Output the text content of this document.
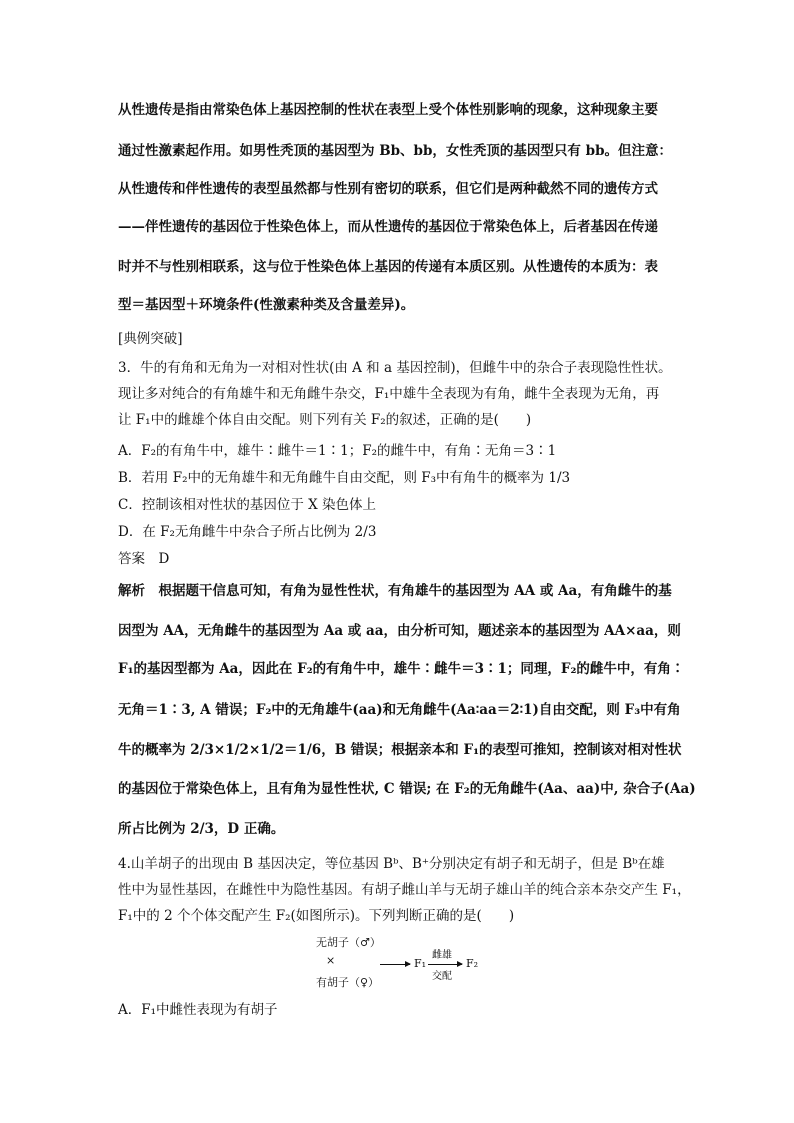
从性遗传是指由常染色体上基因控制的性状在表型上受个体性别影响的现象，这种现象主要
通过性激素起作用。如男性秃顶的基因型为 Bb、bb，女性秃顶的基因型只有 bb。但注意：
从性遗传和伴性遗传的表型虽然都与性别有密切的联系，但它们是两种截然不同的遗传方式
——伴性遗传的基因位于性染色体上，而从性遗传的基因位于常染色体上，后者基因在传递
时并不与性别相联系，这与位于性染色体上基因的传递有本质区别。从性遗传的本质为：表
型＝基因型＋环境条件(性激素种类及含量差异)。
[典例突破]
3．牛的有角和无角为一对相对性状(由 A 和 a 基因控制)，但雌牛中的杂合子表现隐性性状。
现让多对纯合的有角雄牛和无角雌牛杂交，F₁中雄牛全表现为有角，雌牛全表现为无角，再
让 F₁中的雌雄个体自由交配。则下列有关 F₂的叙述，正确的是(　　)
A．F₂的有角牛中，雄牛∶雌牛＝1∶1；F₂的雌牛中，有角∶无角＝3∶1
B．若用 F₂中的无角雄牛和无角雌牛自由交配，则 F₃中有角牛的概率为 1/3
C．控制该相对性状的基因位于 X 染色体上
D．在 F₂无角雌牛中杂合子所占比例为 2/3
答案　D
解析　根据题干信息可知，有角为显性性状，有角雄牛的基因型为 AA 或 Aa，有角雌牛的基
因型为 AA，无角雌牛的基因型为 Aa 或 aa，由分析可知，题述亲本的基因型为 AA×aa，则
F₁的基因型都为 Aa，因此在 F₂的有角牛中，雄牛∶雌牛＝3∶1；同理，F₂的雌牛中，有角∶
无角＝1∶3, A 错误；F₂中的无角雄牛(aa)和无角雌牛(Aa∶aa＝2∶1)自由交配，则 F₃中有角
牛的概率为 2/3×1/2×1/2＝1/6，B 错误；根据亲本和 F₁的表型可推知，控制该对相对性状
的基因位于常染色体上，且有角为显性性状, C 错误; 在 F₂的无角雌牛(Aa、aa)中, 杂合子(Aa)
所占比例为 2/3，D 正确。
4.山羊胡子的出现由 B 基因决定，等位基因 Bᵇ、B⁺分别决定有胡子和无胡子，但是 Bᵇ在雄
性中为显性基因，在雌性中为隐性基因。有胡子雌山羊与无胡子雄山羊的纯合亲本杂交产生 F₁，
F₁中的 2 个个体交配产生 F₂(如图所示)。下列判断正确的是(　　)
无胡子（♂）
×
有胡子（♀）
F₁
雌雄
交配
F₂
A．F₁中雌性表现为有胡子
